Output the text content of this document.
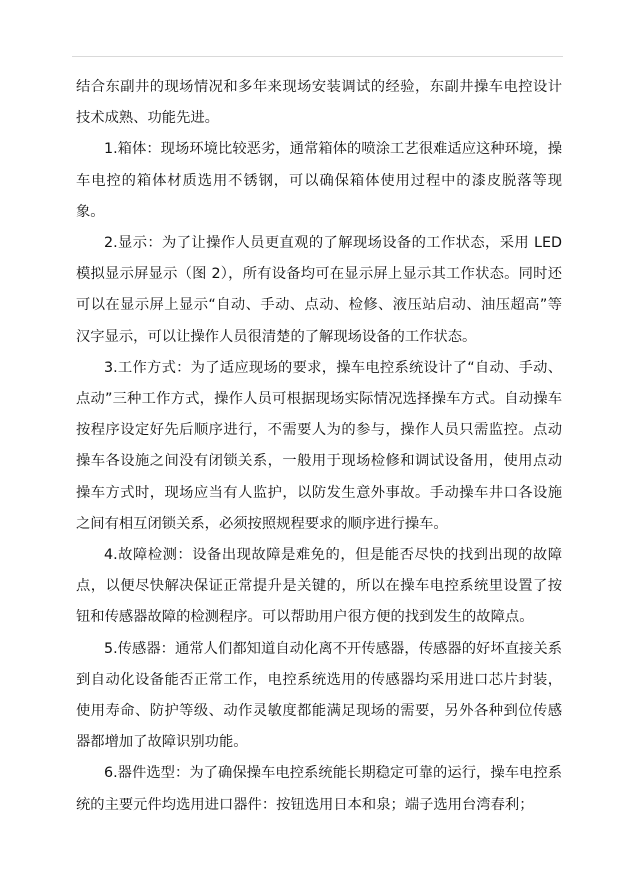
结合东副井的现场情况和多年来现场安装调试的经验，东副井操车电控设计技术成熟、功能先进。

1.箱体：现场环境比较恶劣，通常箱体的喷涂工艺很难适应这种环境，操车电控的箱体材质选用不锈钢，可以确保箱体使用过程中的漆皮脱落等现象。

2.显示：为了让操作人员更直观的了解现场设备的工作状态，采用 LED 模拟显示屏显示（图 2），所有设备均可在显示屏上显示其工作状态。同时还可以在显示屏上显示“自动、手动、点动、检修、液压站启动、油压超高”等汉字显示，可以让操作人员很清楚的了解现场设备的工作状态。

3.工作方式：为了适应现场的要求，操车电控系统设计了“自动、手动、点动”三种工作方式，操作人员可根据现场实际情况选择操车方式。自动操车按程序设定好先后顺序进行，不需要人为的参与，操作人员只需监控。点动操车各设施之间没有闭锁关系，一般用于现场检修和调试设备用，使用点动操车方式时，现场应当有人监护，以防发生意外事故。手动操车井口各设施之间有相互闭锁关系，必须按照规程要求的顺序进行操车。

4.故障检测：设备出现故障是难免的，但是能否尽快的找到出现的故障点，以便尽快解决保证正常提升是关键的，所以在操车电控系统里设置了按钮和传感器故障的检测程序。可以帮助用户很方便的找到发生的故障点。

5.传感器：通常人们都知道自动化离不开传感器，传感器的好坏直接关系到自动化设备能否正常工作，电控系统选用的传感器均采用进口芯片封装，使用寿命、防护等级、动作灵敏度都能满足现场的需要，另外各种到位传感器都增加了故障识别功能。

6.器件选型：为了确保操车电控系统能长期稳定可靠的运行，操车电控系统的主要元件均选用进口器件：按钮选用日本和泉；端子选用台湾春利；
